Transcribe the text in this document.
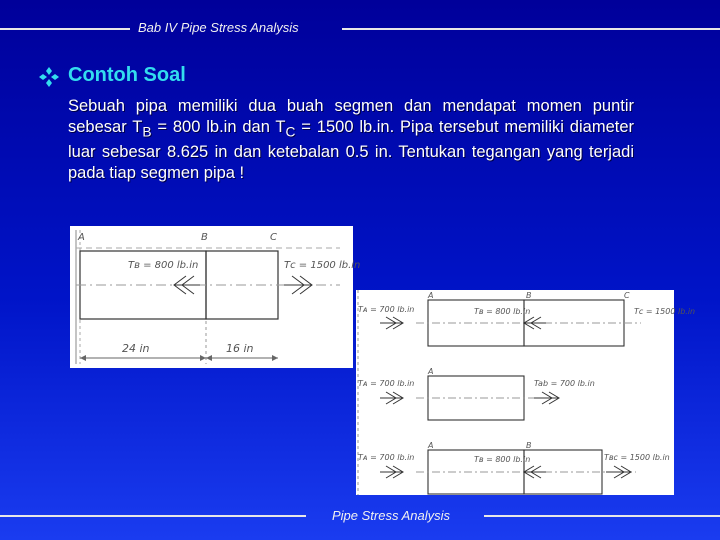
Bab IV Pipe Stress Analysis
Contoh Soal
Sebuah pipa memiliki dua buah segmen dan mendapat momen puntir sebesar $T_B = 800$ lb.in dan $T_C = 1500$ lb.in. Pipa tersebut memiliki diameter luar sebesar 8.625 in dan ketebalan 0.5 in. Tentukan tegangan yang terjadi pada tiap segmen pipa !
A	B	C
Tʙ = 800 lb.in	Tᴄ = 1500 lb.in
24 in	16 in
A	B	C
Tᴀ = 700 lb.in	Tʙ = 800 lb.in	Tᴄ = 1500 lb.in
A
Tᴀ = 700 lb.in	Tab = 700 lb.in
A	B
Tᴀ = 700 lb.in	Tʙ = 800 lb.in	Tʙᴄ = 1500 lb.in
Pipe Stress Analysis
